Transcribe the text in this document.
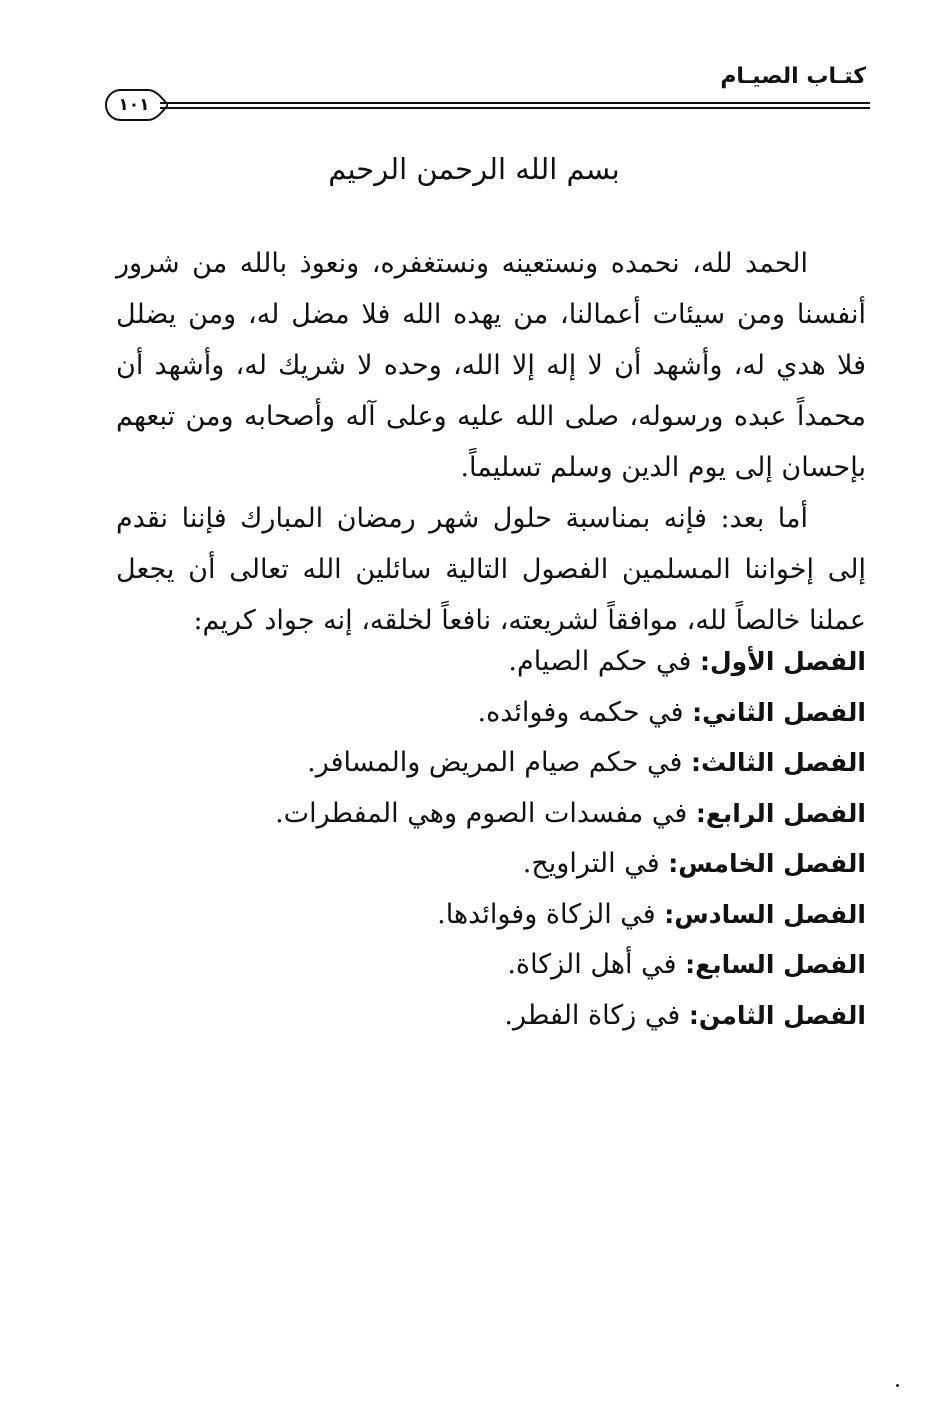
كتـاب الصيـام
١٠١
بسم الله الرحمن الرحيم

الحمد لله، نحمده ونستعينه ونستغفره، ونعوذ بالله من شرور أنفسنا ومن سيئات أعمالنا، من يهده الله فلا مضل له، ومن يضلل فلا هدي له، وأشهد أن لا إله إلا الله، وحده لا شريك له، وأشهد أن محمداً عبده ورسوله، صلى الله عليه وعلى آله وأصحابه ومن تبعهم بإحسان إلى يوم الدين وسلم تسليماً.

أما بعد: فإنه بمناسبة حلول شهر رمضان المبارك فإننا نقدم إلى إخواننا المسلمين الفصول التالية سائلين الله تعالى أن يجعل عملنا خالصاً لله، موافقاً لشريعته، نافعاً لخلقه، إنه جواد كريم:

الفصل الأول: في حكم الصيام.
الفصل الثاني: في حكمه وفوائده.
الفصل الثالث: في حكم صيام المريض والمسافر.
الفصل الرابع: في مفسدات الصوم وهي المفطرات.
الفصل الخامس: في التراويح.
الفصل السادس: في الزكاة وفوائدها.
الفصل السابع: في أهل الزكاة.
الفصل الثامن: في زكاة الفطر.
